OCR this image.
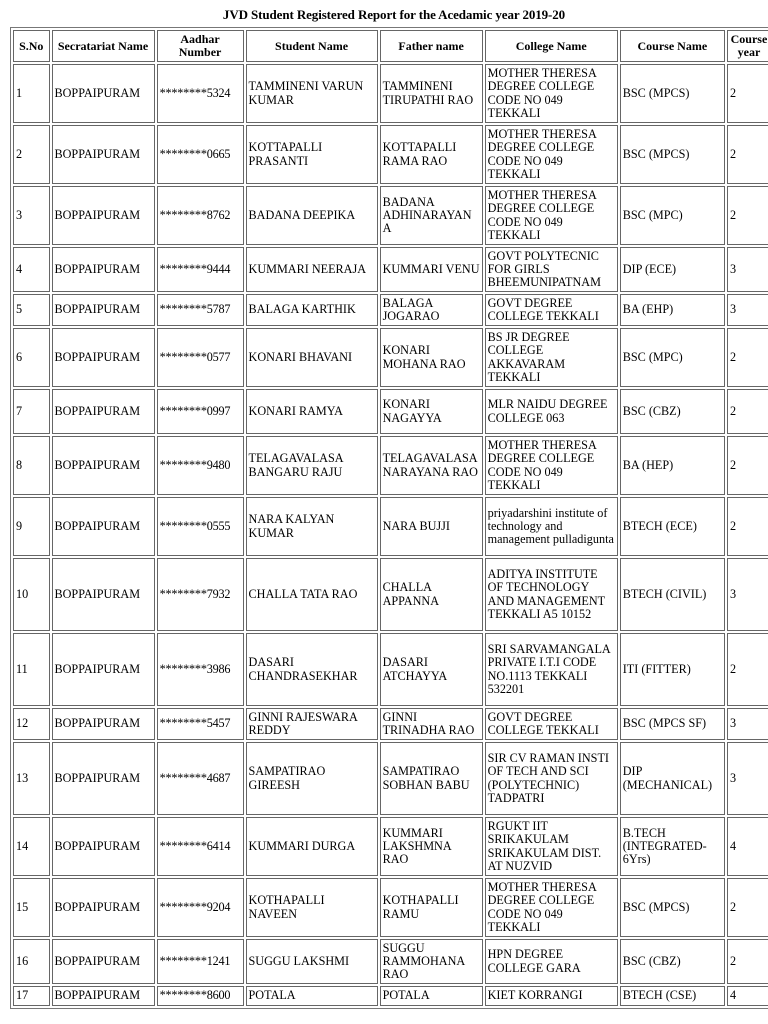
JVD Student Registered Report for the Acedamic year 2019-20
S.No	Secratariat Name	Aadhar Number	Student Name	Father name	College Name	Course Name	Course year
1	BOPPAIPURAM	********5324	TAMMINENI VARUN KUMAR	TAMMINENI TIRUPATHI RAO	MOTHER THERESA DEGREE COLLEGE CODE NO 049 TEKKALI	BSC (MPCS)	2
2	BOPPAIPURAM	********0665	KOTTAPALLI PRASANTI	KOTTAPALLI RAMA RAO	MOTHER THERESA DEGREE COLLEGE CODE NO 049 TEKKALI	BSC (MPCS)	2
3	BOPPAIPURAM	********8762	BADANA DEEPIKA	BADANA ADHINARAYANA	MOTHER THERESA DEGREE COLLEGE CODE NO 049 TEKKALI	BSC (MPC)	2
4	BOPPAIPURAM	********9444	KUMMARI NEERAJA	KUMMARI VENU	GOVT POLYTECNIC FOR GIRLS BHEEMUNIPATNAM	DIP (ECE)	3
5	BOPPAIPURAM	********5787	BALAGA KARTHIK	BALAGA JOGARAO	GOVT DEGREE COLLEGE TEKKALI	BA (EHP)	3
6	BOPPAIPURAM	********0577	KONARI BHAVANI	KONARI MOHANA RAO	BS JR DEGREE COLLEGE AKKAVARAM TEKKALI	BSC (MPC)	2
7	BOPPAIPURAM	********0997	KONARI RAMYA	KONARI NAGAYYA	MLR NAIDU DEGREE COLLEGE 063	BSC (CBZ)	2
8	BOPPAIPURAM	********9480	TELAGAVALASA BANGARU RAJU	TELAGAVALASA NARAYANA RAO	MOTHER THERESA DEGREE COLLEGE CODE NO 049 TEKKALI	BA (HEP)	2
9	BOPPAIPURAM	********0555	NARA KALYAN KUMAR	NARA BUJJI	priyadarshini institute of technology and management pulladigunta	BTECH (ECE)	2
10	BOPPAIPURAM	********7932	CHALLA TATA RAO	CHALLA APPANNA	ADITYA INSTITUTE OF TECHNOLOGY AND MANAGEMENT TEKKALI A5 10152	BTECH (CIVIL)	3
11	BOPPAIPURAM	********3986	DASARI CHANDRASEKHAR	DASARI ATCHAYYA	SRI SARVAMANGALA PRIVATE I.T.I CODE NO.1113 TEKKALI 532201	ITI (FITTER)	2
12	BOPPAIPURAM	********5457	GINNI RAJESWARA REDDY	GINNI TRINADHA RAO	GOVT DEGREE COLLEGE TEKKALI	BSC (MPCS SF)	3
13	BOPPAIPURAM	********4687	SAMPATIRAO GIREESH	SAMPATIRAO SOBHAN BABU	SIR CV RAMAN INSTI OF TECH AND SCI (POLYTECHNIC) TADPATRI	DIP (MECHANICAL)	3
14	BOPPAIPURAM	********6414	KUMMARI DURGA	KUMMARI LAKSHMNA RAO	RGUKT IIT SRIKAKULAM SRIKAKULAM DIST. AT NUZVID	B.TECH (INTEGRATED-6Yrs)	4
15	BOPPAIPURAM	********9204	KOTHAPALLI NAVEEN	KOTHAPALLI RAMU	MOTHER THERESA DEGREE COLLEGE CODE NO 049 TEKKALI	BSC (MPCS)	2
16	BOPPAIPURAM	********1241	SUGGU LAKSHMI	SUGGU RAMMOHANA RAO	HPN DEGREE COLLEGE GARA	BSC (CBZ)	2
17	BOPPAIPURAM	********8600	POTALA	POTALA	KIET KORRANGI	BTECH (CSE)	4
